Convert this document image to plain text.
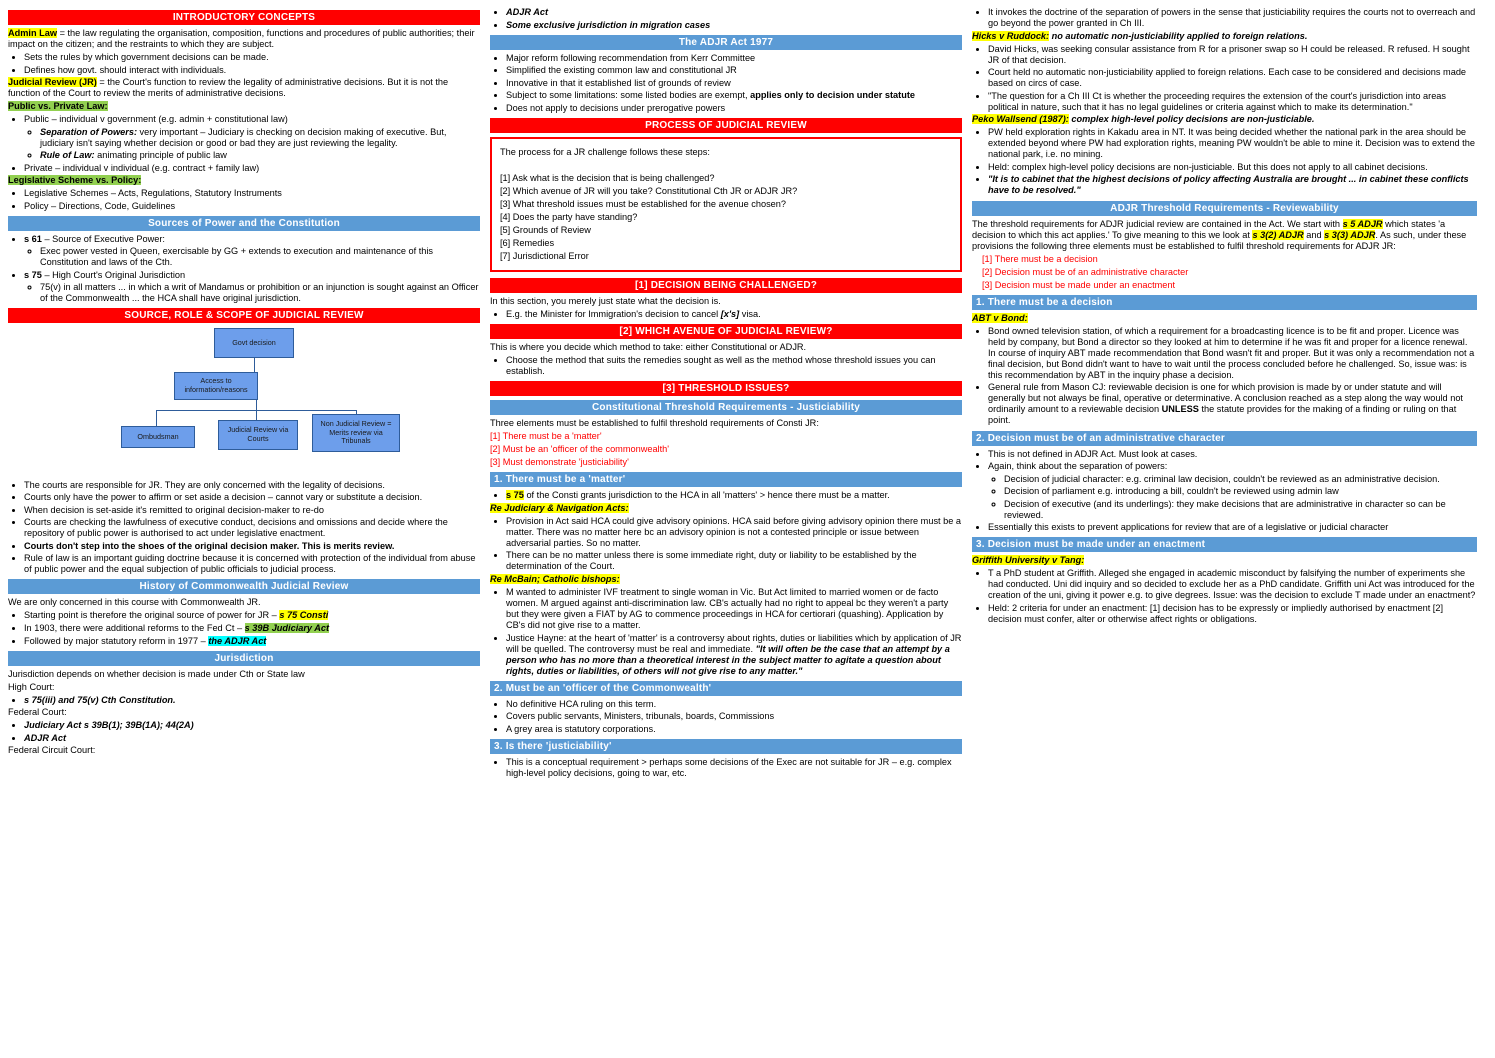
INTRODUCTORY CONCEPTS

Admin Law = the law regulating the organisation, composition, functions and procedures of public authorities; their impact on the citizen; and the restraints to which they are subject.

• Sets the rules by which government decisions can be made.
• Defines how govt. should interact with individuals.

Judicial Review (JR) = the Court's function to review the legality of administrative decisions. But it is not the function of the Court to review the merits of administrative decisions.

Public vs. Private Law:

• Public – individual v government (e.g. admin + constitutional law)
◦ Separation of Powers: very important – Judiciary is checking on decision making of executive. But, judiciary isn't saying whether decision or good or bad they are just reviewing the legality.
◦ Rule of Law: animating principle of public law
• Private – individual v individual (e.g. contract + family law)

Legislative Scheme vs. Policy:

• Legislative Schemes – Acts, Regulations, Statutory Instruments
• Policy – Directions, Code, Guidelines
Sources of Power and the Constitution
• s 61 – Source of Executive Power:
◦ Exec power vested in Queen, exercisable by GG + extends to execution and maintenance of this Constitution and laws of the Cth.
• s 75 – High Court's Original Jurisdiction
◦ 75(v) in all matters ... in which a writ of Mandamus or prohibition or an injunction is sought against an Officer of the Commonwealth ... the HCA shall have original jurisdiction.
SOURCE, ROLE & SCOPE OF JUDICIAL REVIEW
Govt decision
Access to information/reasons
Ombudsman
Judicial Review via Courts
Non Judicial Review = Merits review via Tribunals
• The courts are responsible for JR. They are only concerned with the legality of decisions.
• Courts only have the power to affirm or set aside a decision – cannot vary or substitute a decision.
• When decision is set-aside it's remitted to original decision-maker to re-do
• Courts are checking the lawfulness of executive conduct, decisions and omissions and decide where the repository of public power is authorised to act under legislative enactment.
• Courts don't step into the shoes of the original decision maker. This is merits review.
• Rule of law is an important guiding doctrine because it is concerned with protection of the individual from abuse of public power and the equal subjection of public officials to judicial process.
History of Commonwealth Judicial Review

We are only concerned in this course with Commonwealth JR.

• Starting point is therefore the original source of power for JR – s 75 Consti
• In 1903, there were additional reforms to the Fed Ct – s 39B Judiciary Act
• Followed by major statutory reform in 1977 – the ADJR Act
Jurisdiction

Jurisdiction depends on whether decision is made under Cth or State law

High Court:

• s 75(iii) and 75(v) Cth Constitution.

Federal Court:

• Judiciary Act s 39B(1); 39B(1A); 44(2A)
• ADJR Act

Federal Circuit Court:

• ADJR Act
• Some exclusive jurisdiction in migration cases
The ADJR Act 1977
• Major reform following recommendation from Kerr Committee
• Simplified the existing common law and constitutional JR
• Innovative in that it established list of grounds of review
• Subject to some limitations: some listed bodies are exempt, applies only to decision under statute
• Does not apply to decisions under prerogative powers
PROCESS OF JUDICIAL REVIEW

The process for a JR challenge follows these steps:

[1] Ask what is the decision that is being challenged?

[2] Which avenue of JR will you take? Constitutional Cth JR or ADJR JR?

[3] What threshold issues must be established for the avenue chosen?

[4] Does the party have standing?

[5] Grounds of Review

[6] Remedies

[7] Jurisdictional Error

[1] DECISION BEING CHALLENGED?

In this section, you merely just state what the decision is.

• E.g. the Minister for Immigration's decision to cancel [x's] visa.
[2] WHICH AVENUE OF JUDICIAL REVIEW?

This is where you decide which method to take: either Constitutional or ADJR.

• Choose the method that suits the remedies sought as well as the method whose threshold issues you can establish.
[3] THRESHOLD ISSUES?
Constitutional Threshold Requirements - Justiciability

Three elements must be established to fulfil threshold requirements of Consti JR:

[1] There must be a 'matter'

[2] Must be an 'officer of the commonwealth'

[3] Must demonstrate 'justiciability'

1. There must be a 'matter'
• s 75 of the Consti grants jurisdiction to the HCA in all 'matters' > hence there must be a matter.

Re Judiciary & Navigation Acts:

• Provision in Act said HCA could give advisory opinions. HCA said before giving advisory opinion there must be a matter. There was no matter here bc an advisory opinion is not a contested principle or issue between adversarial parties. So no matter.
• There can be no matter unless there is some immediate right, duty or liability to be established by the determination of the Court.

Re McBain; Catholic bishops:

• M wanted to administer IVF treatment to single woman in Vic. But Act limited to married women or de facto women. M argued against anti-discrimination law. CB's actually had no right to appeal bc they weren't a party but they were given a FIAT by AG to commence proceedings in HCA for certiorari (quashing). Application by CB's did not give rise to a matter.
• Justice Hayne: at the heart of 'matter' is a controversy about rights, duties or liabilities which by application of JR will be quelled. The controversy must be real and immediate. "It will often be the case that an attempt by a person who has no more than a theoretical interest in the subject matter to agitate a question about rights, duties or liabilities, of others will not give rise to any matter."
2. Must be an 'officer of the Commonwealth'
• No definitive HCA ruling on this term.
• Covers public servants, Ministers, tribunals, boards, Commissions
• A grey area is statutory corporations.
3. Is there 'justiciability'
• This is a conceptual requirement > perhaps some decisions of the Exec are not suitable for JR – e.g. complex high-level policy decisions, going to war, etc.
• It invokes the doctrine of the separation of powers in the sense that justiciability requires the courts not to overreach and go beyond the power granted in Ch III.

Hicks v Ruddock: no automatic non-justiciability applied to foreign relations.

• David Hicks, was seeking consular assistance from R for a prisoner swap so H could be released. R refused. H sought JR of that decision.
• Court held no automatic non-justiciability applied to foreign relations. Each case to be considered and decisions made based on circs of case.
• "The question for a Ch III Ct is whether the proceeding requires the extension of the court's jurisdiction into areas political in nature, such that it has no legal guidelines or criteria against which to make its determination."

Peko Wallsend (1987): complex high-level policy decisions are non-justiciable.

• PW held exploration rights in Kakadu area in NT. It was being decided whether the national park in the area should be extended beyond where PW had exploration rights, meaning PW wouldn't be able to mine it. Decision was to extend the national park, i.e. no mining.
• Held: complex high-level policy decisions are non-justiciable. But this does not apply to all cabinet decisions.
• "It is to cabinet that the highest decisions of policy affecting Australia are brought ... in cabinet these conflicts have to be resolved."
ADJR Threshold Requirements - Reviewability

The threshold requirements for ADJR judicial review are contained in the Act. We start with s 5 ADJR which states 'a decision to which this act applies.' To give meaning to this we look at s 3(2) ADJR and s 3(3) ADJR. As such, under these provisions the following three elements must be established to fulfil threshold requirements for ADJR JR:

[1] There must be a decision

[2] Decision must be of an administrative character

[3] Decision must be made under an enactment

1. There must be a decision

ABT v Bond:

• Bond owned television station, of which a requirement for a broadcasting licence is to be fit and proper. Licence was held by company, but Bond a director so they looked at him to determine if he was fit and proper for a licence renewal. In course of inquiry ABT made recommendation that Bond wasn't fit and proper. But it was only a recommendation not a final decision, but Bond didn't want to have to wait until the process concluded before he challenged. So, issue was: is this recommendation by ABT in the inquiry phase a decision.
• General rule from Mason CJ: reviewable decision is one for which provision is made by or under statute and will generally but not always be final, operative or determinative. A conclusion reached as a step along the way would not ordinarily amount to a reviewable decision UNLESS the statute provides for the making of a finding or ruling on that point.
2. Decision must be of an administrative character
• This is not defined in ADJR Act. Must look at cases.
• Again, think about the separation of powers:
◦ Decision of judicial character: e.g. criminal law decision, couldn't be reviewed as an administrative decision.
◦ Decision of parliament e.g. introducing a bill, couldn't be reviewed using admin law
◦ Decision of executive (and its underlings): they make decisions that are administrative in character so can be reviewed.
• Essentially this exists to prevent applications for review that are of a legislative or judicial character
3. Decision must be made under an enactment

Griffith University v Tang:

• T a PhD student at Griffith. Alleged she engaged in academic misconduct by falsifying the number of experiments she had conducted. Uni did inquiry and so decided to exclude her as a PhD candidate. Griffith uni Act was introduced for the creation of the uni, giving it power e.g. to give degrees. Issue: was the decision to exclude T made under an enactment?
• Held: 2 criteria for under an enactment: [1] decision has to be expressly or impliedly authorised by enactment [2] decision must confer, alter or otherwise affect rights or obligations.
